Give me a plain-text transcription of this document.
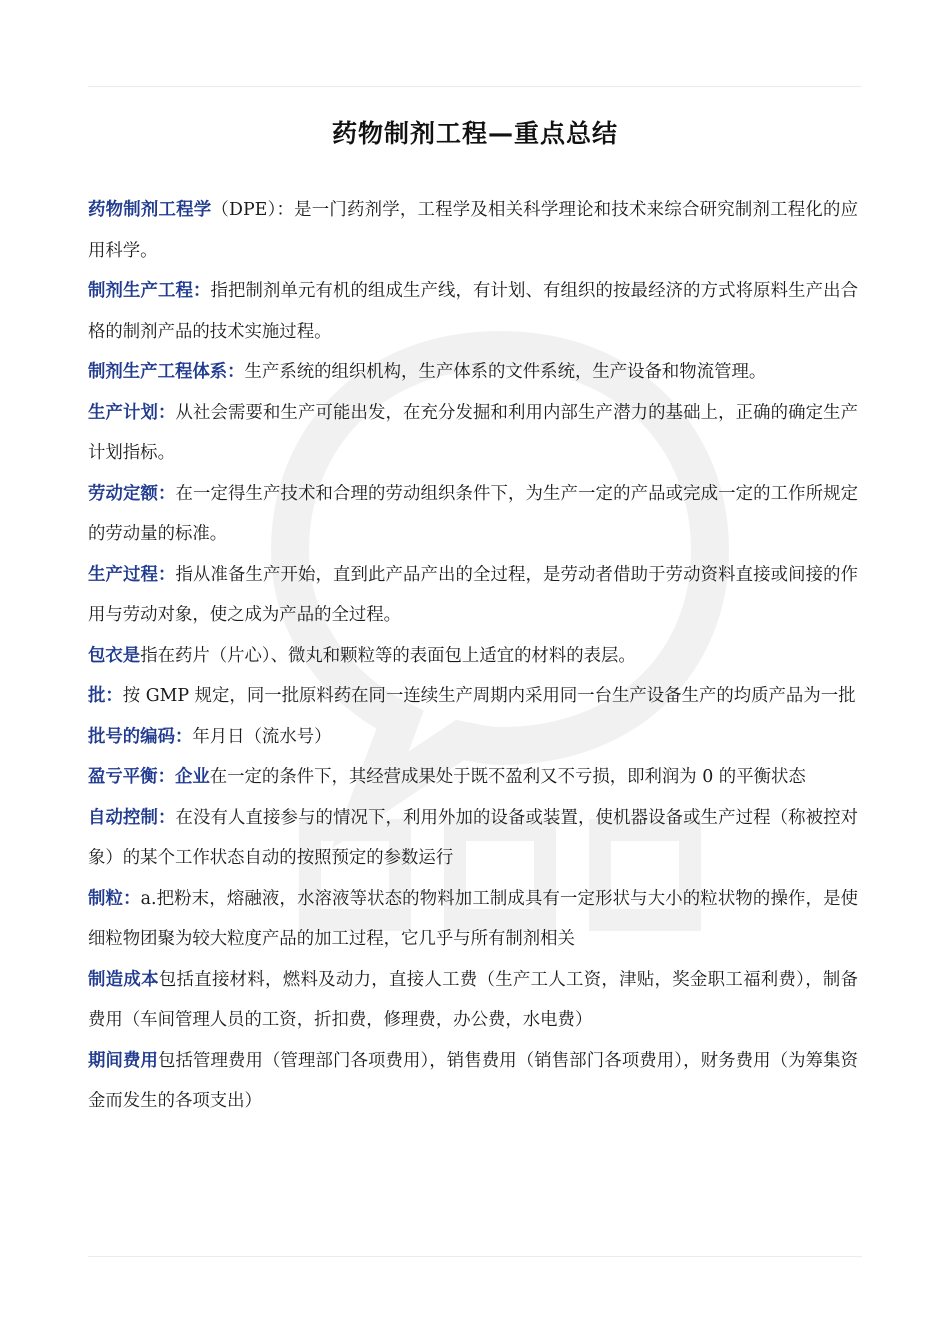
药物制剂工程—重点总结

药物制剂工程学（DPE）：是一门药剂学，工程学及相关科学理论和技术来综合研究制剂工程化的应用科学。

制剂生产工程：指把制剂单元有机的组成生产线，有计划、有组织的按最经济的方式将原料生产出合格的制剂产品的技术实施过程。

制剂生产工程体系：生产系统的组织机构，生产体系的文件系统，生产设备和物流管理。

生产计划：从社会需要和生产可能出发，在充分发掘和利用内部生产潜力的基础上，正确的确定生产计划指标。

劳动定额：在一定得生产技术和合理的劳动组织条件下，为生产一定的产品或完成一定的工作所规定的劳动量的标准。

生产过程：指从准备生产开始，直到此产品产出的全过程，是劳动者借助于劳动资料直接或间接的作用与劳动对象，使之成为产品的全过程。

包衣是指在药片（片心）、微丸和颗粒等的表面包上适宜的材料的表层。

批：按 GMP 规定，同一批原料药在同一连续生产周期内采用同一台生产设备生产的均质产品为一批

批号的编码：年月日（流水号）

盈亏平衡：企业在一定的条件下，其经营成果处于既不盈利又不亏损，即利润为 0 的平衡状态

自动控制：在没有人直接参与的情况下，利用外加的设备或装置，使机器设备或生产过程（称被控对象）的某个工作状态自动的按照预定的参数运行

制粒：a.把粉末，熔融液，水溶液等状态的物料加工制成具有一定形状与大小的粒状物的操作，是使细粒物团聚为较大粒度产品的加工过程，它几乎与所有制剂相关

制造成本包括直接材料，燃料及动力，直接人工费（生产工人工资，津贴，奖金职工福利费），制备费用（车间管理人员的工资，折扣费，修理费，办公费，水电费）

期间费用包括管理费用（管理部门各项费用），销售费用（销售部门各项费用），财务费用（为筹集资金而发生的各项支出）
